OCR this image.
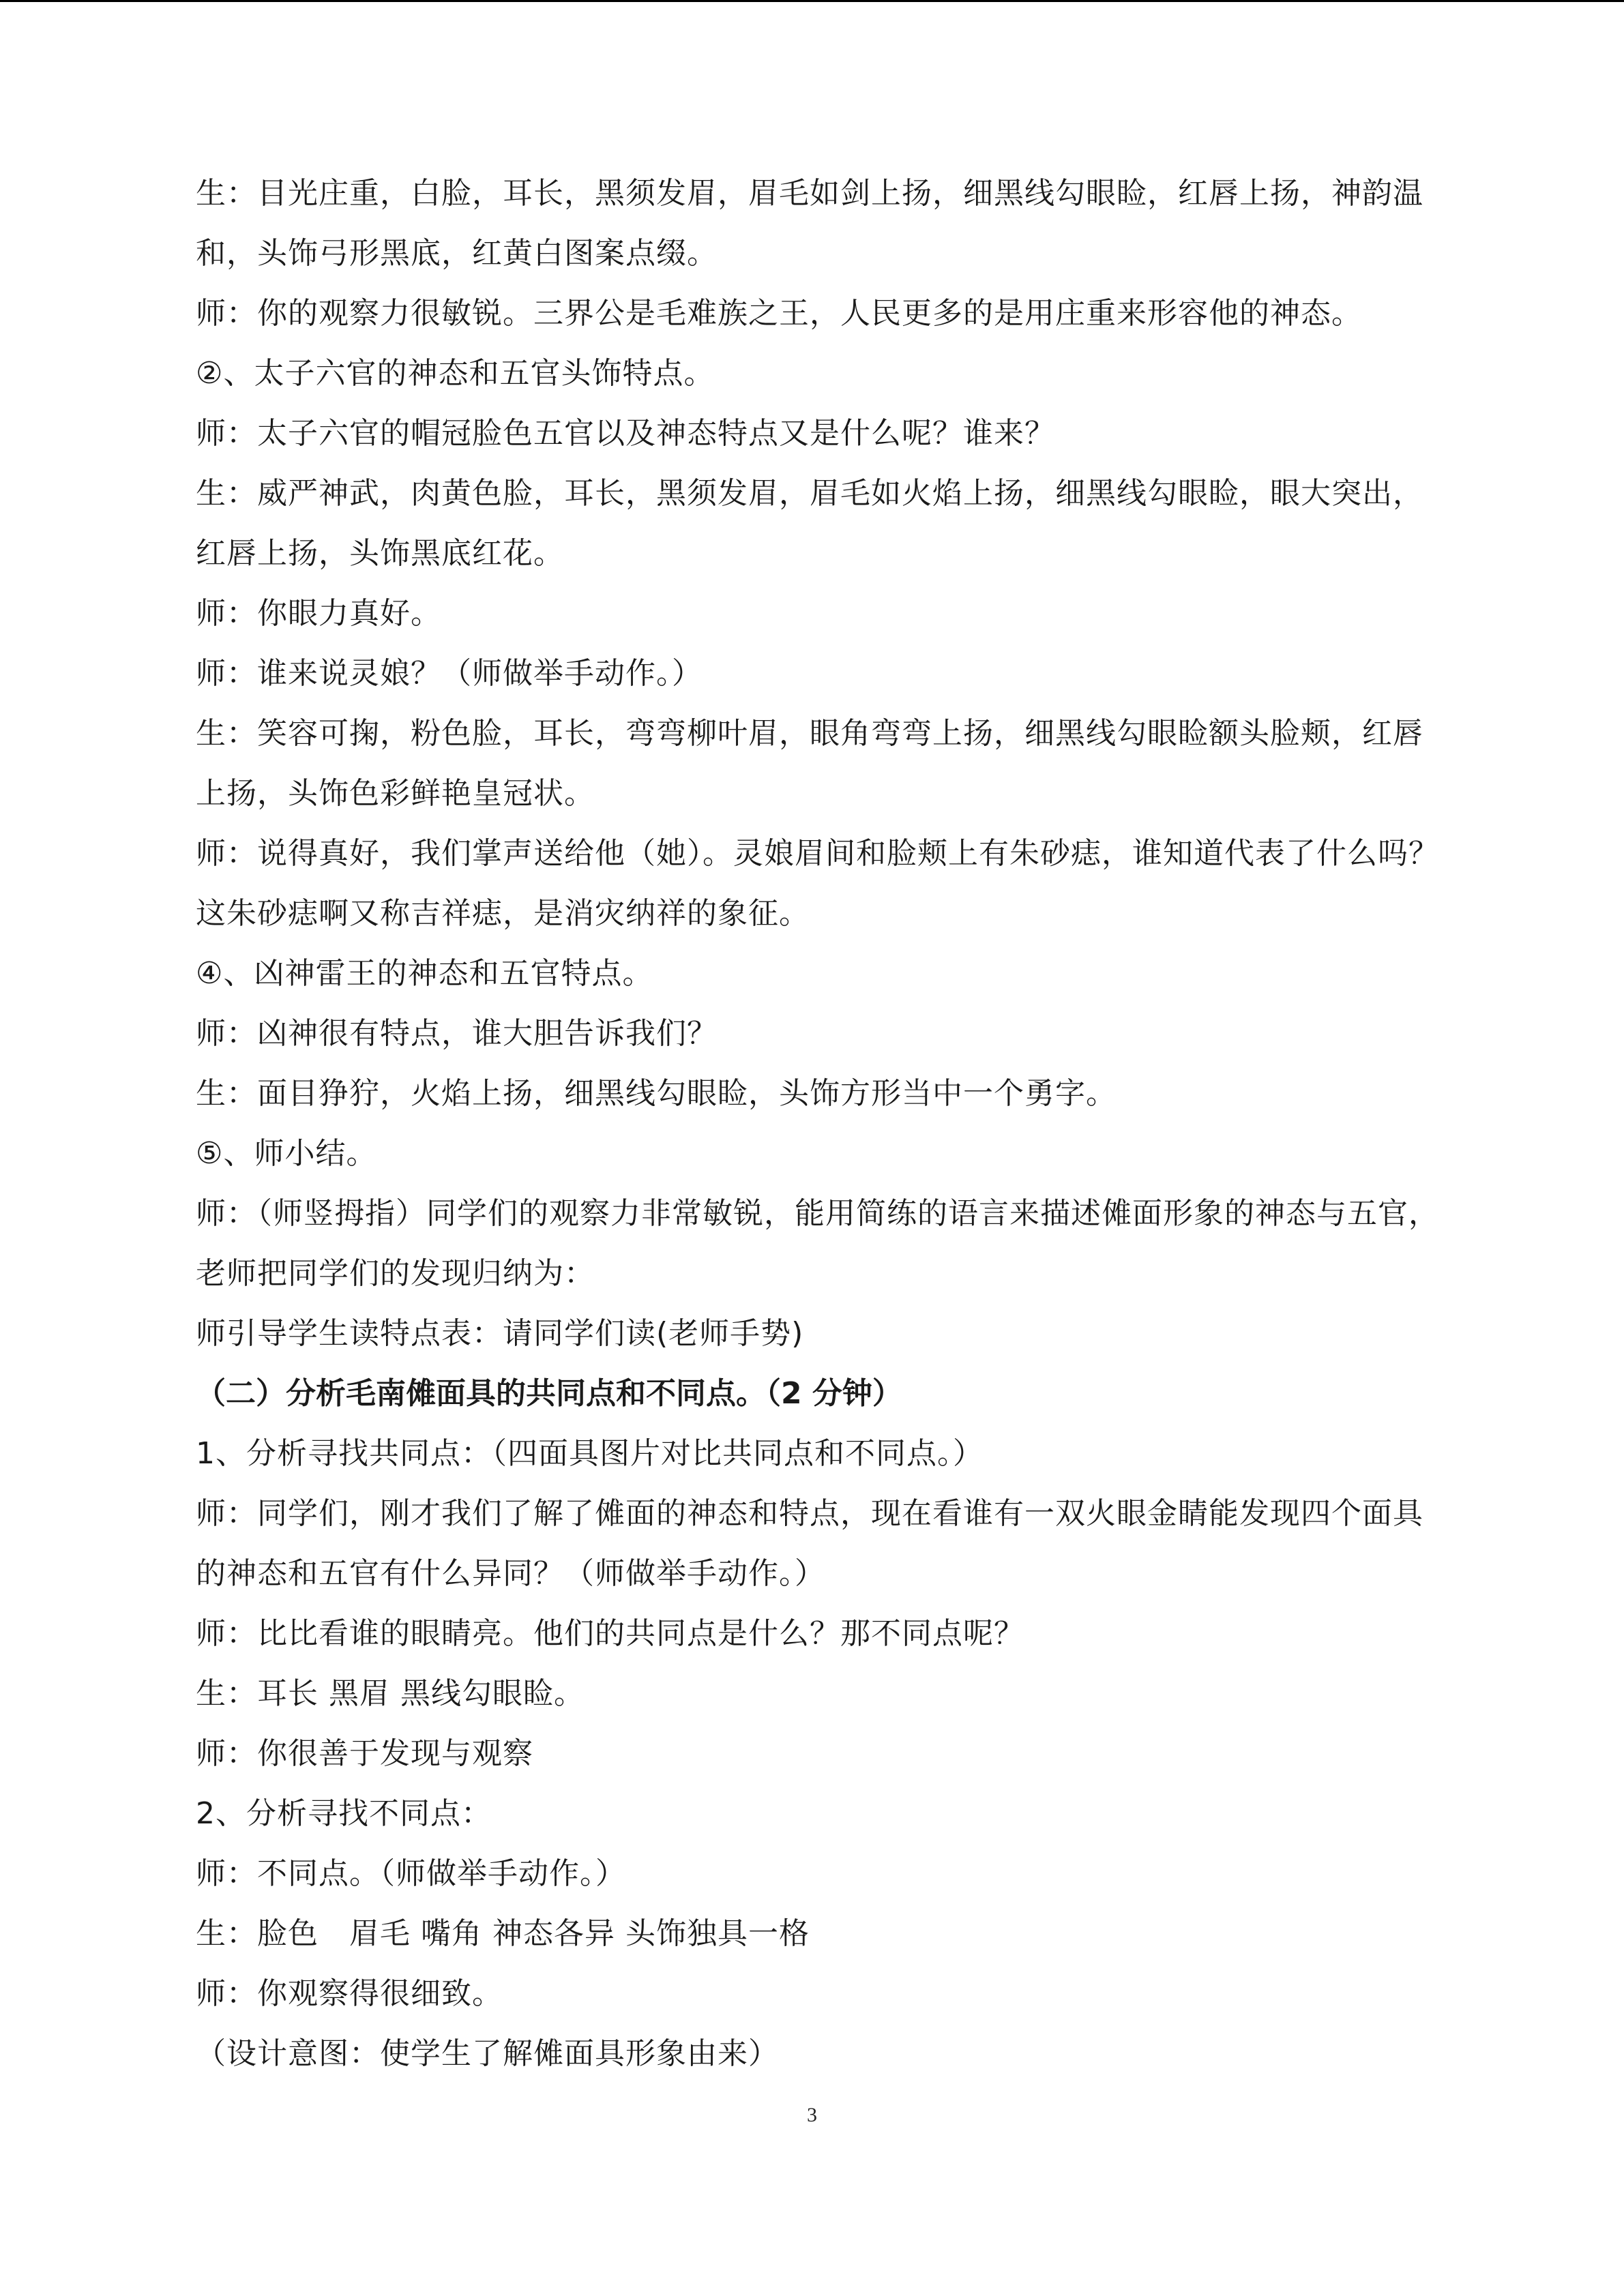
生：目光庄重，白脸，耳长，黑须发眉，眉毛如剑上扬，细黑线勾眼睑，红唇上扬，神韵温和，头饰弓形黑底，红黄白图案点缀。

师：你的观察力很敏锐。三界公是毛难族之王，人民更多的是用庄重来形容他的神态。

②、太子六官的神态和五官头饰特点。

师：太子六官的帽冠脸色五官以及神态特点又是什么呢？谁来？

生：威严神武，肉黄色脸，耳长，黑须发眉，眉毛如火焰上扬，细黑线勾眼睑，眼大突出，红唇上扬，头饰黑底红花。

师：你眼力真好。

师：谁来说灵娘？（师做举手动作。）

生：笑容可掬，粉色脸，耳长，弯弯柳叶眉，眼角弯弯上扬，细黑线勾眼睑额头脸颊，红唇上扬，头饰色彩鲜艳皇冠状。

师：说得真好，我们掌声送给他（她）。灵娘眉间和脸颊上有朱砂痣，谁知道代表了什么吗？这朱砂痣啊又称吉祥痣，是消灾纳祥的象征。

④、凶神雷王的神态和五官特点。

师：凶神很有特点，谁大胆告诉我们？

生：面目狰狞，火焰上扬，细黑线勾眼睑，头饰方形当中一个勇字。

⑤、师小结。

师：（师竖拇指）同学们的观察力非常敏锐，能用简练的语言来描述傩面形象的神态与五官，老师把同学们的发现归纳为：

师引导学生读特点表：请同学们读(老师手势)

（二）分析毛南傩面具的共同点和不同点。（2 分钟）

1、分析寻找共同点：（四面具图片对比共同点和不同点。）

师：同学们，刚才我们了解了傩面的神态和特点，现在看谁有一双火眼金睛能发现四个面具的神态和五官有什么异同？（师做举手动作。）

师：比比看谁的眼睛亮。他们的共同点是什么？那不同点呢？

生：耳长 黑眉 黑线勾眼睑。

师：你很善于发现与观察

2、分析寻找不同点：

师：不同点。（师做举手动作。）

生：脸色　眉毛 嘴角 神态各异 头饰独具一格

师：你观察得很细致。

（设计意图：使学生了解傩面具形象由来）

3
